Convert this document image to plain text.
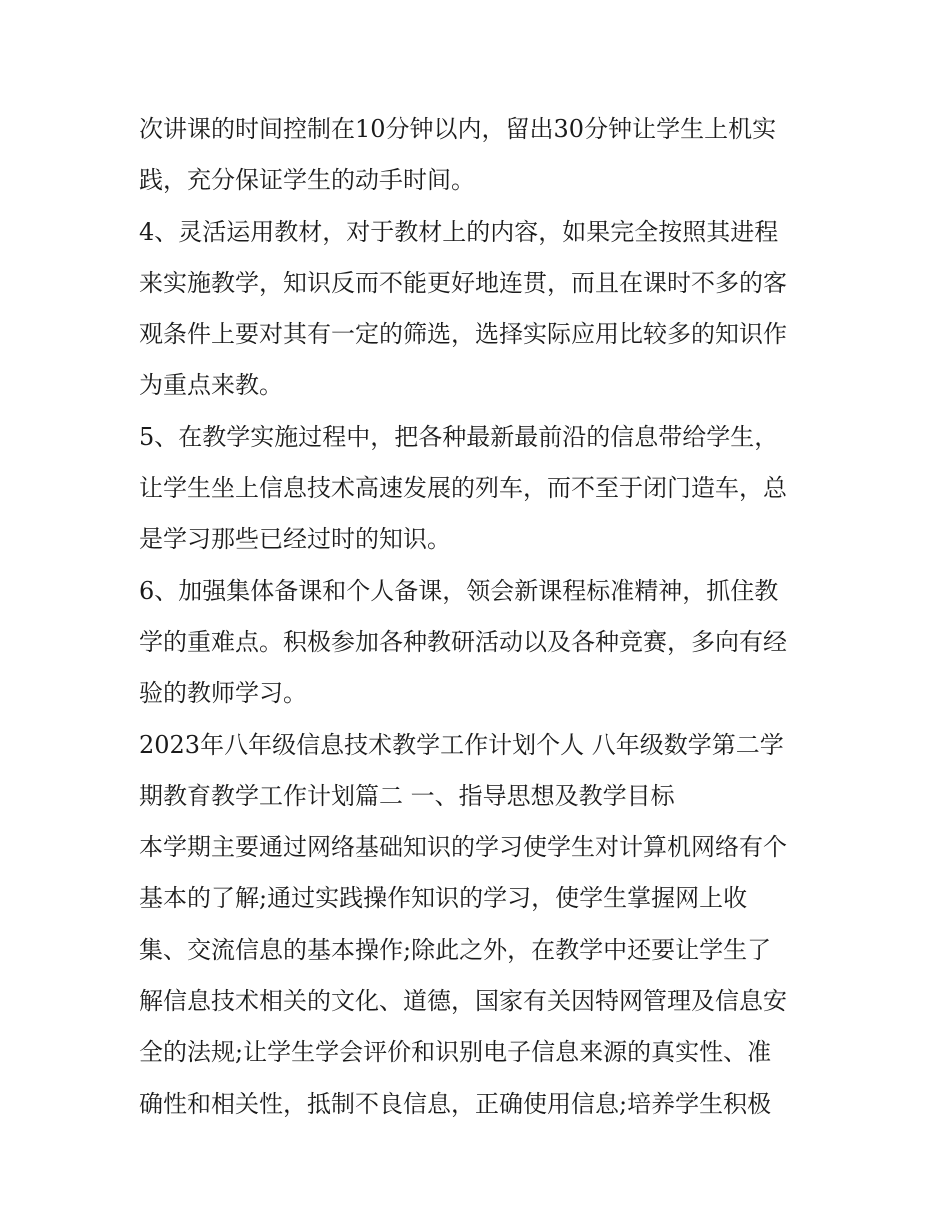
次讲课的时间控制在10分钟以内，留出30分钟让学生上机实
践，充分保证学生的动手时间。
4、灵活运用教材，对于教材上的内容，如果完全按照其进程
来实施教学，知识反而不能更好地连贯，而且在课时不多的客
观条件上要对其有一定的筛选，选择实际应用比较多的知识作
为重点来教。
5、在教学实施过程中，把各种最新最前沿的信息带给学生，
让学生坐上信息技术高速发展的列车，而不至于闭门造车，总
是学习那些已经过时的知识。
6、加强集体备课和个人备课，领会新课程标准精神，抓住教
学的重难点。积极参加各种教研活动以及各种竞赛，多向有经
验的教师学习。
2023年八年级信息技术教学工作计划个人 八年级数学第二学
期教育教学工作计划篇二 一、指导思想及教学目标
本学期主要通过网络基础知识的学习使学生对计算机网络有个
基本的了解;通过实践操作知识的学习，使学生掌握网上收
集、交流信息的基本操作;除此之外，在教学中还要让学生了
解信息技术相关的文化、道德，国家有关因特网管理及信息安
全的法规;让学生学会评价和识别电子信息来源的真实性、准
确性和相关性，抵制不良信息，正确使用信息;培养学生积极
